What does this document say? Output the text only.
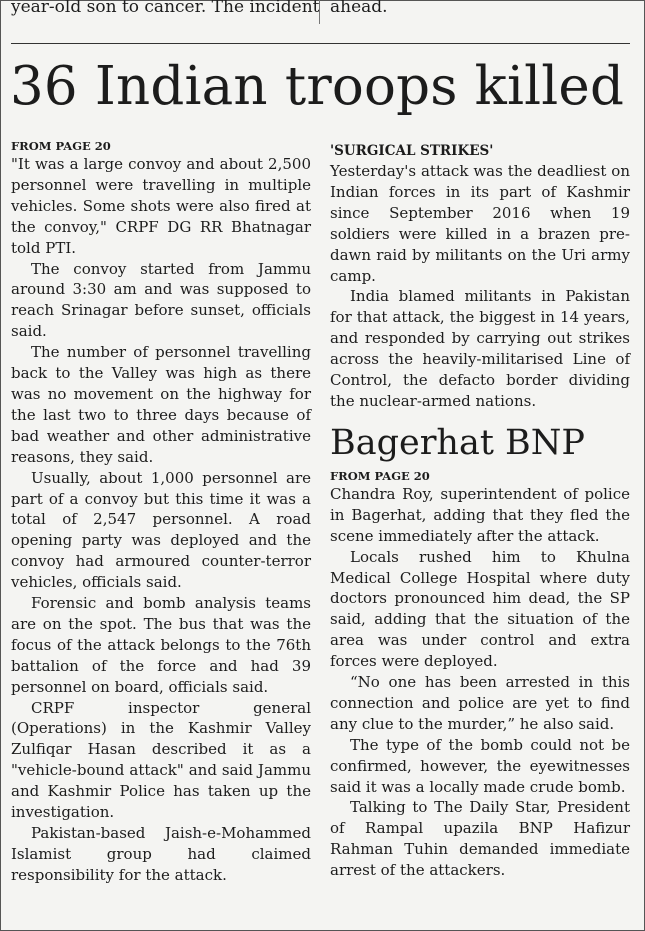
year-old son to cancer. The incident ahead.
36 Indian troops killed
FROM PAGE 20

"It was a large convoy and about 2,500 personnel were travelling in multiple vehicles. Some shots were also fired at the convoy," CRPF DG RR Bhatnagar told PTI.

The convoy started from Jammu around 3:30 am and was supposed to reach Srinagar before sunset, officials said.

The number of personnel travelling back to the Valley was high as there was no movement on the highway for the last two to three days because of bad weather and other administrative reasons, they said.

Usually, about 1,000 personnel are part of a convoy but this time it was a total of 2,547 personnel. A road opening party was deployed and the convoy had armoured counter-terror vehicles, officials said.

Forensic and bomb analysis teams are on the spot. The bus that was the focus of the attack belongs to the 76th battalion of the force and had 39 personnel on board, officials said.

CRPF inspector general (Operations) in the Kashmir Valley Zulfiqar Hasan described it as a "vehicle-bound attack" and said Jammu and Kashmir Police has taken up the investigation.

Pakistan-based Jaish-e-Mohammed Islamist group had claimed responsibility for the attack.

'SURGICAL STRIKES'

Yesterday's attack was the deadliest on Indian forces in its part of Kashmir since September 2016 when 19 soldiers were killed in a brazen pre-dawn raid by militants on the Uri army camp.

India blamed militants in Pakistan for that attack, the biggest in 14 years, and responded by carrying out strikes across the heavily-militarised Line of Control, the defacto border dividing the nuclear-armed nations.

Bagerhat BNP
FROM PAGE 20

Chandra Roy, superintendent of police in Bagerhat, adding that they fled the scene immediately after the attack.

Locals rushed him to Khulna Medical College Hospital where duty doctors pronounced him dead, the SP said, adding that the situation of the area was under control and extra forces were deployed.

“No one has been arrested in this connection and police are yet to find any clue to the murder,” he also said.

The type of the bomb could not be confirmed, however, the eyewitnesses said it was a locally made crude bomb.

Talking to The Daily Star, President of Rampal upazila BNP Hafizur Rahman Tuhin demanded immediate arrest of the attackers.
